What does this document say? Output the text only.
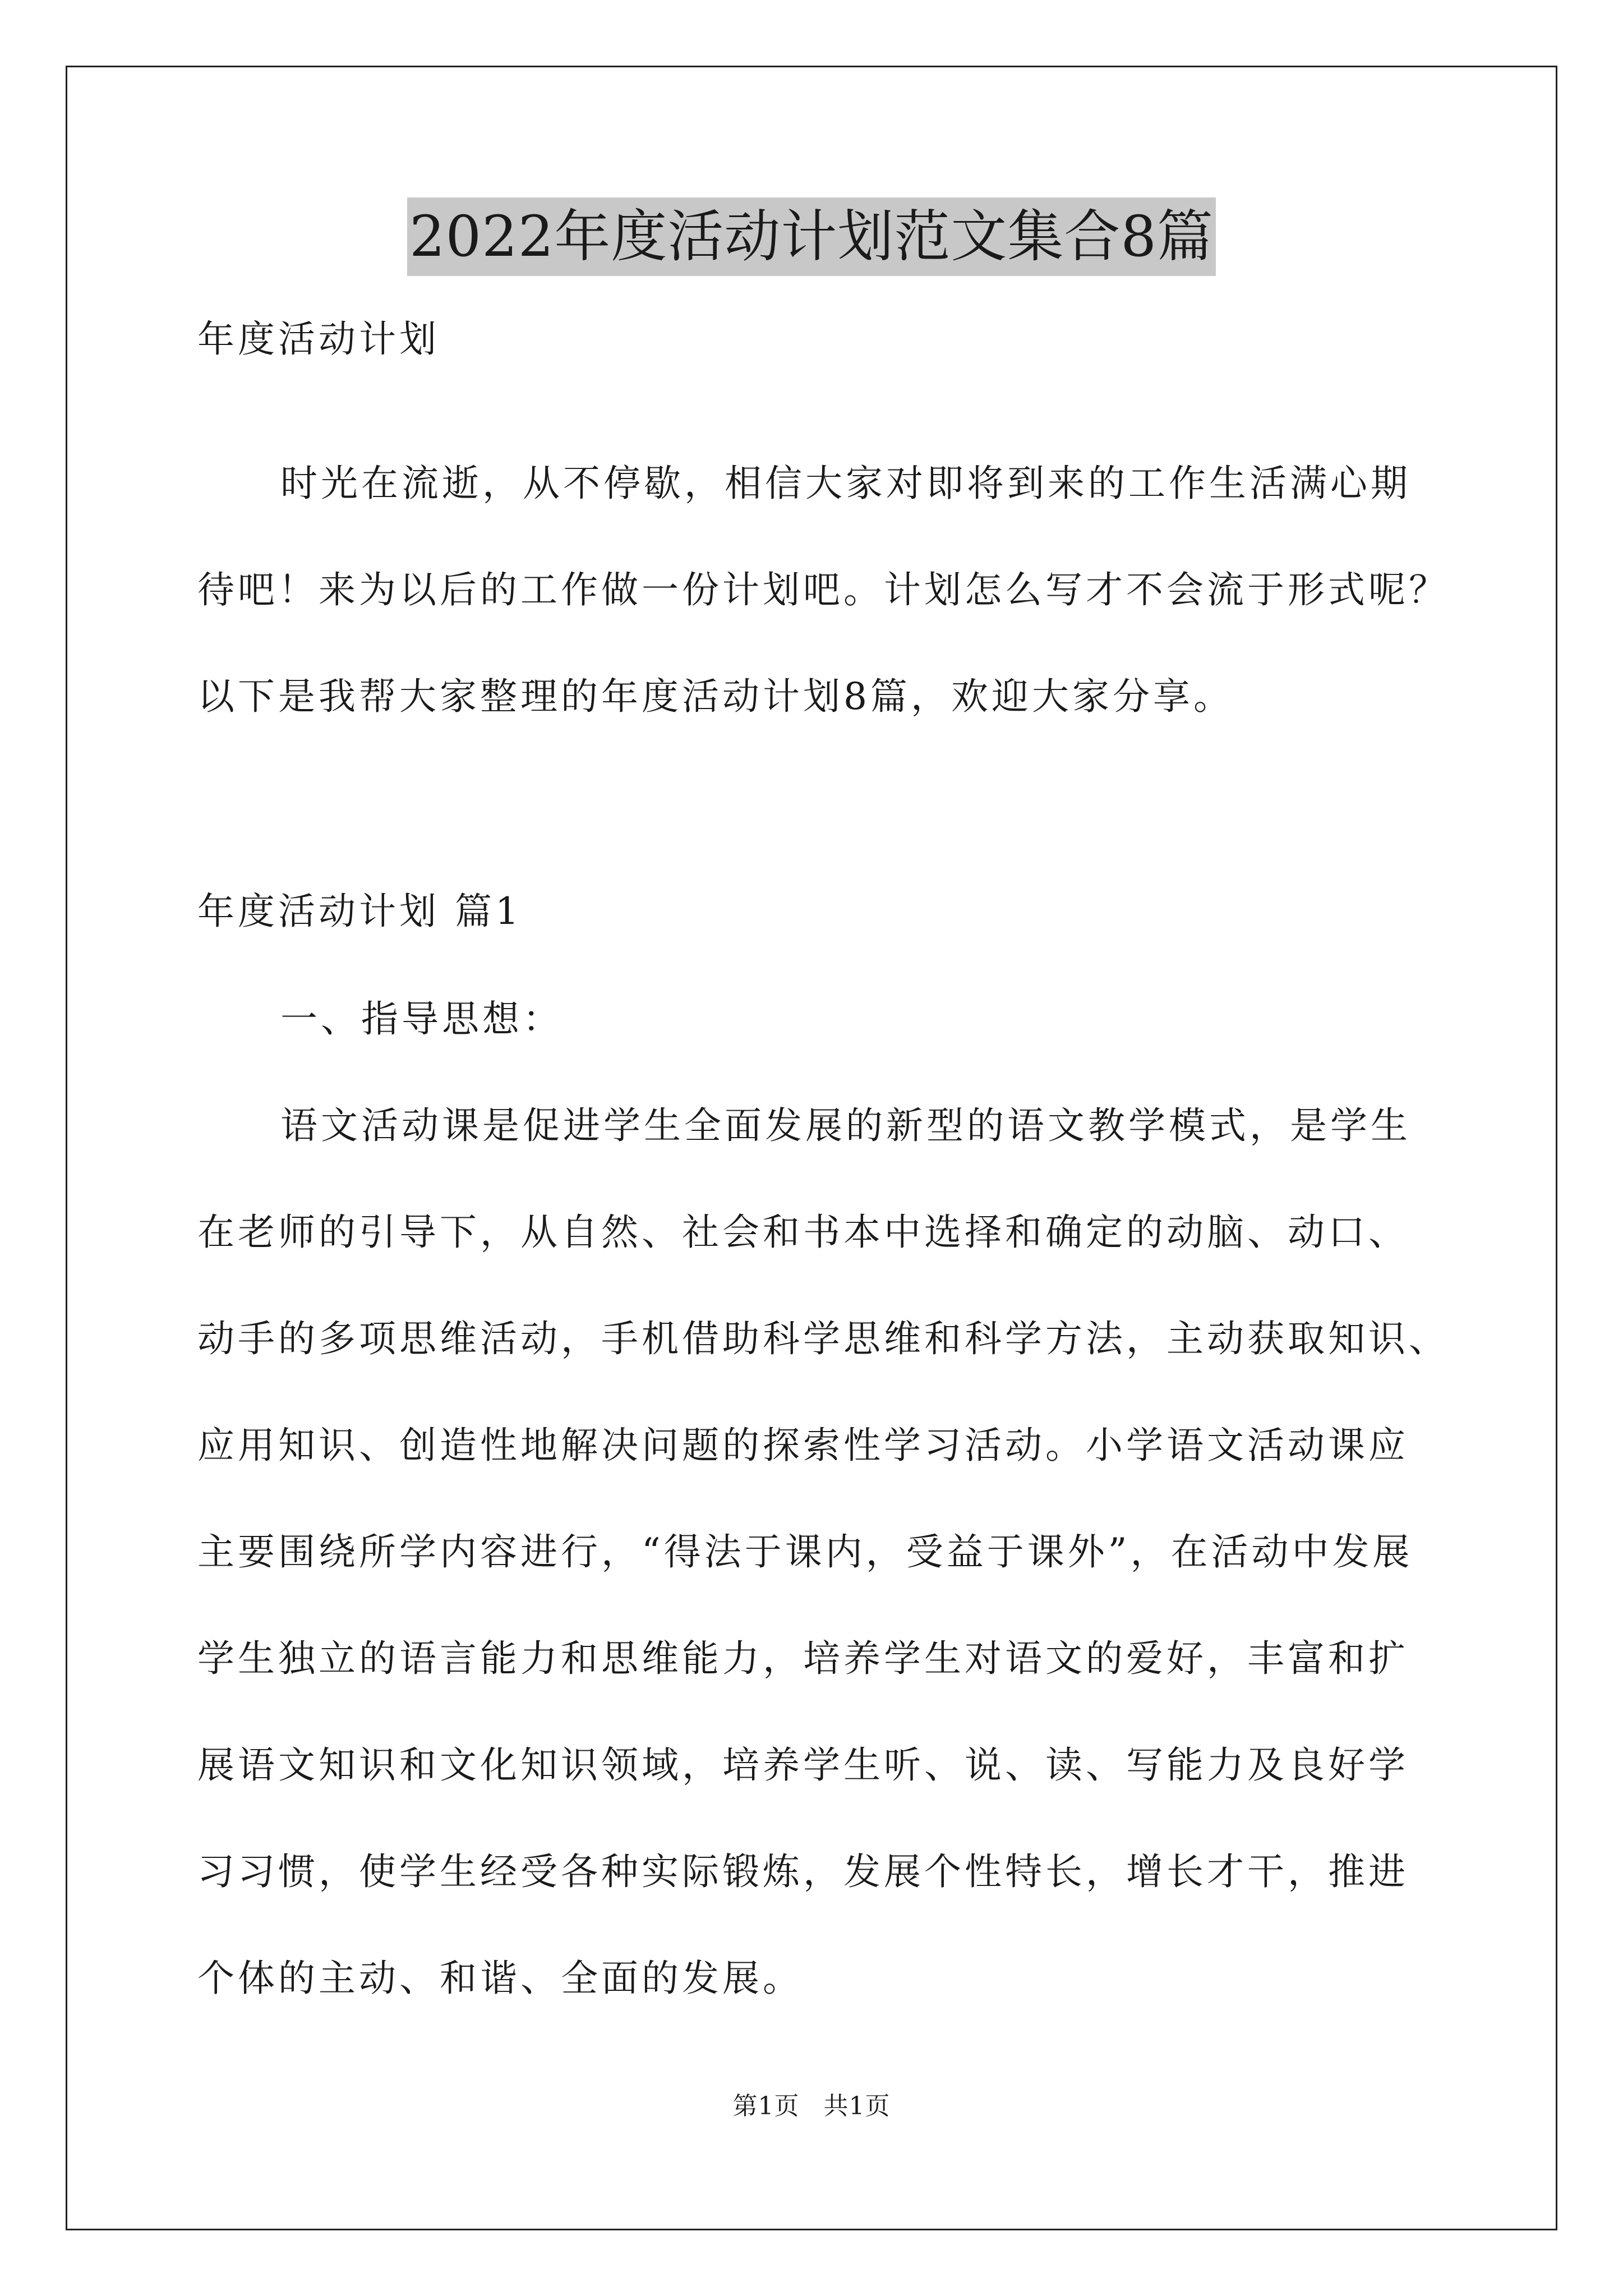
2022年度活动计划范文集合8篇
年度活动计划
时光在流逝，从不停歇，相信大家对即将到来的工作生活满心期
待吧！来为以后的工作做一份计划吧。计划怎么写才不会流于形式呢？
以下是我帮大家整理的年度活动计划8篇，欢迎大家分享。
年度活动计划 篇1
一、指导思想：
语文活动课是促进学生全面发展的新型的语文教学模式，是学生
在老师的引导下，从自然、社会和书本中选择和确定的动脑、动口、
动手的多项思维活动，手机借助科学思维和科学方法，主动获取知识、
应用知识、创造性地解决问题的探索性学习活动。小学语文活动课应
主要围绕所学内容进行，“得法于课内，受益于课外”，在活动中发展
学生独立的语言能力和思维能力，培养学生对语文的爱好，丰富和扩
展语文知识和文化知识领域，培养学生听、说、读、写能力及良好学
习习惯，使学生经受各种实际锻炼，发展个性特长，增长才干，推进
个体的主动、和谐、全面的发展。
第1页 共1页
